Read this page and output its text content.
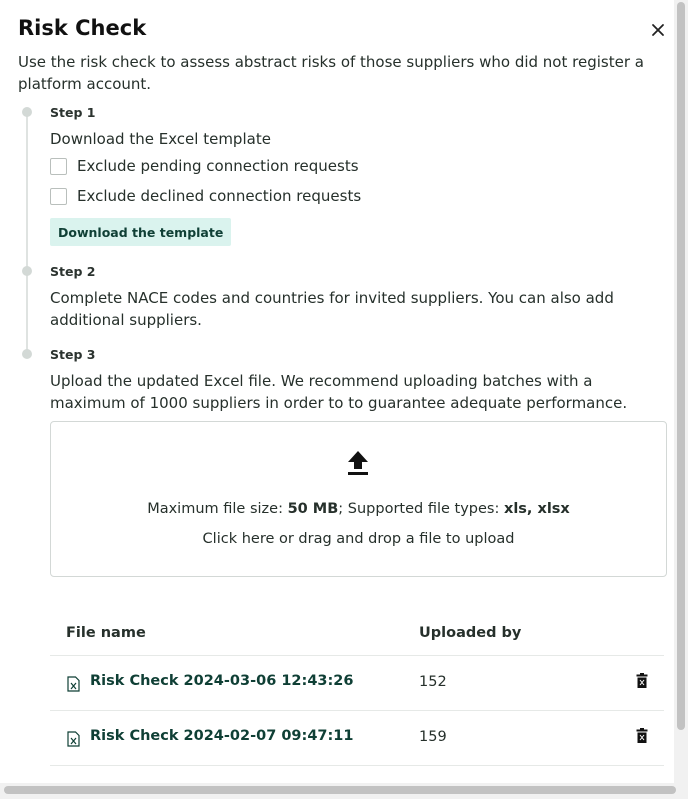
Risk Check
Use the risk check to assess abstract risks of those suppliers who did not register a platform account.
Step 1
Download the Excel template
Exclude pending connection requests
Exclude declined connection requests
Download the template
Step 2
Complete NACE codes and countries for invited suppliers. You can also add additional suppliers.
Step 3
Upload the updated Excel file. We recommend uploading batches with a maximum of 1000 suppliers in order to to guarantee adequate performance.
Maximum file size: 50 MB; Supported file types: xls, xlsx
Click here or drag and drop a file to upload
File name	Uploaded by
Risk Check 2024-03-06 12:43:26	152
Risk Check 2024-02-07 09:47:11	159
